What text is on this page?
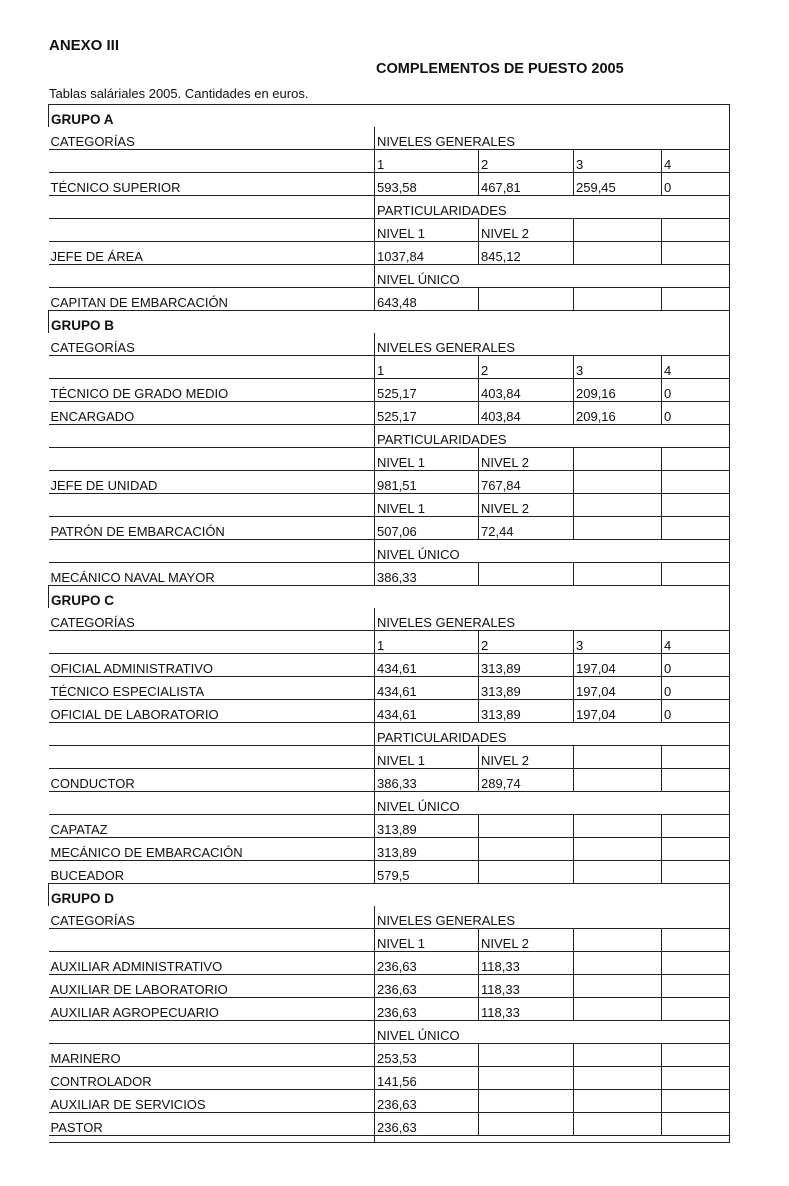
ANEXO III
COMPLEMENTOS DE PUESTO 2005
Tablas saláriales 2005. Cantidades en euros.
GRUPO A				
CATEGORÍAS	NIVELES GENERALES			
	1	2	3	4
TÉCNICO SUPERIOR	593,58	467,81	259,45	0
	PARTICULARIDADES			
	NIVEL 1	NIVEL 2		
JEFE DE ÁREA	1037,84	845,12		
	NIVEL ÚNICO			
CAPITAN DE EMBARCACIÓN	643,48			
GRUPO B				
CATEGORÍAS	NIVELES GENERALES			
	1	2	3	4
TÉCNICO DE GRADO MEDIO	525,17	403,84	209,16	0
ENCARGADO	525,17	403,84	209,16	0
	PARTICULARIDADES			
	NIVEL 1	NIVEL 2		
JEFE DE UNIDAD	981,51	767,84		
	NIVEL 1	NIVEL 2		
PATRÓN DE EMBARCACIÓN	507,06	72,44		
	NIVEL ÚNICO			
MECÁNICO NAVAL MAYOR	386,33			
GRUPO C				
CATEGORÍAS	NIVELES GENERALES			
	1	2	3	4
OFICIAL ADMINISTRATIVO	434,61	313,89	197,04	0
TÉCNICO ESPECIALISTA	434,61	313,89	197,04	0
OFICIAL DE LABORATORIO	434,61	313,89	197,04	0
	PARTICULARIDADES			
	NIVEL 1	NIVEL 2		
CONDUCTOR	386,33	289,74		
	NIVEL ÚNICO			
CAPATAZ	313,89			
MECÁNICO DE EMBARCACIÓN	313,89			
BUCEADOR	579,5			
GRUPO D				
CATEGORÍAS	NIVELES GENERALES			
	NIVEL 1	NIVEL 2		
AUXILIAR ADMINISTRATIVO	236,63	118,33		
AUXILIAR DE LABORATORIO	236,63	118,33		
AUXILIAR AGROPECUARIO	236,63	118,33		
	NIVEL ÚNICO			
MARINERO	253,53			
CONTROLADOR	141,56			
AUXILIAR DE SERVICIOS	236,63			
PASTOR	236,63			
